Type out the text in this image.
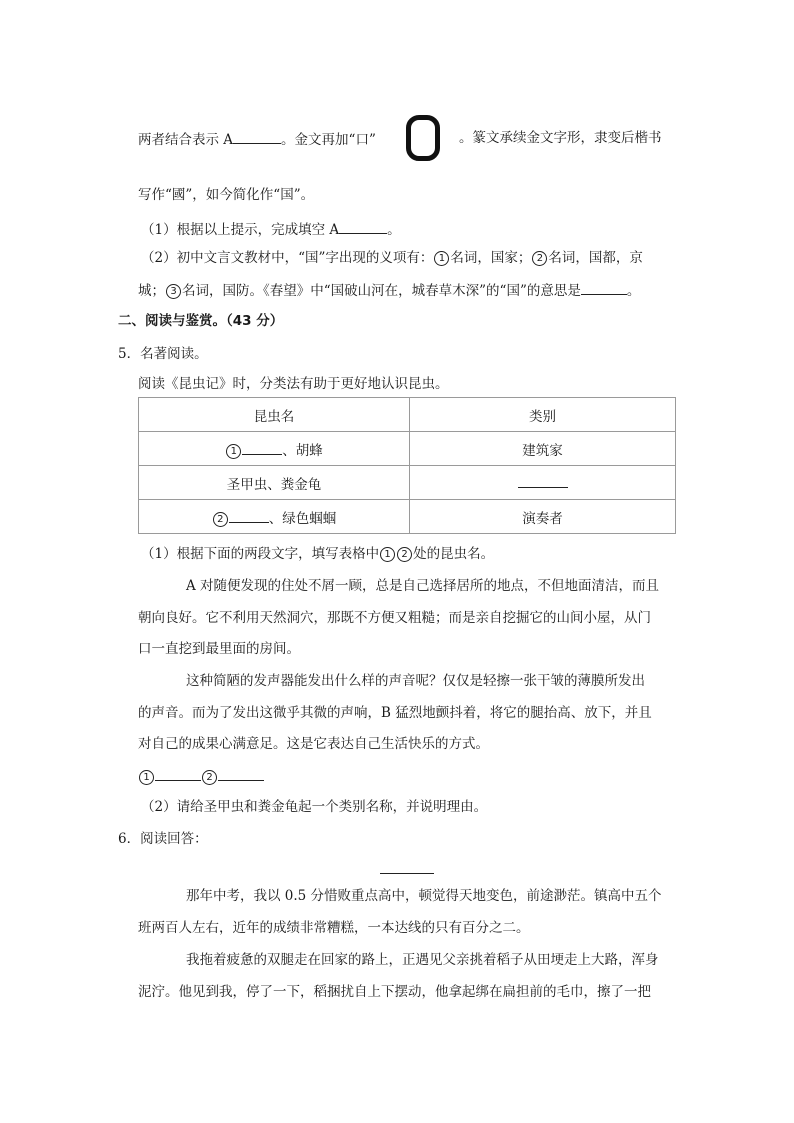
两者结合表示 A	。金文再加“口”	。篆文承续金文字形，隶变后楷书
写作“國”，如今简化作“国”。
（1）根据以上提示，完成填空 A	。
（2）初中文言文教材中，“国”字出现的义项有： 1 名词，国家； 2 名词，国都，京
城； 3 名词，国防。《春望》中“国破山河在，城春草木深”的“国”的意思是	。
二、阅读与鉴赏。（43 分）
5．名著阅读。
阅读《昆虫记》时，分类法有助于更好地认识昆虫。
昆虫名	类别
1 、胡蜂	建筑家
圣甲虫、粪金龟	
2 、绿色蝈蝈	演奏者
（1）根据下面的两段文字，填写表格中 1 2 处的昆虫名。
A 对随便发现的住处不屑一顾，总是自己选择居所的地点，不但地面清洁，而且
朝向良好。它不利用天然洞穴，那既不方便又粗糙；而是亲自挖掘它的山间小屋，从门
口一直挖到最里面的房间。
这种简陋的发声器能发出什么样的声音呢？仅仅是轻擦一张干皱的薄膜所发出
的声音。而为了发出这微乎其微的声响，B 猛烈地颤抖着，将它的腿抬高、放下，并且
对自己的成果心满意足。这是它表达自己生活快乐的方式。
1	2
（2）请给圣甲虫和粪金龟起一个类别名称，并说明理由。
6．阅读回答：
那年中考，我以 0.5 分惜败重点高中，顿觉得天地变色，前途渺茫。镇高中五个
班两百人左右，近年的成绩非常糟糕，一本达线的只有百分之二。
我拖着疲惫的双腿走在回家的路上，正遇见父亲挑着稻子从田埂走上大路，浑身
泥泞。他见到我，停了一下，稻捆扰自上下摆动，他拿起绑在扁担前的毛巾，擦了一把
